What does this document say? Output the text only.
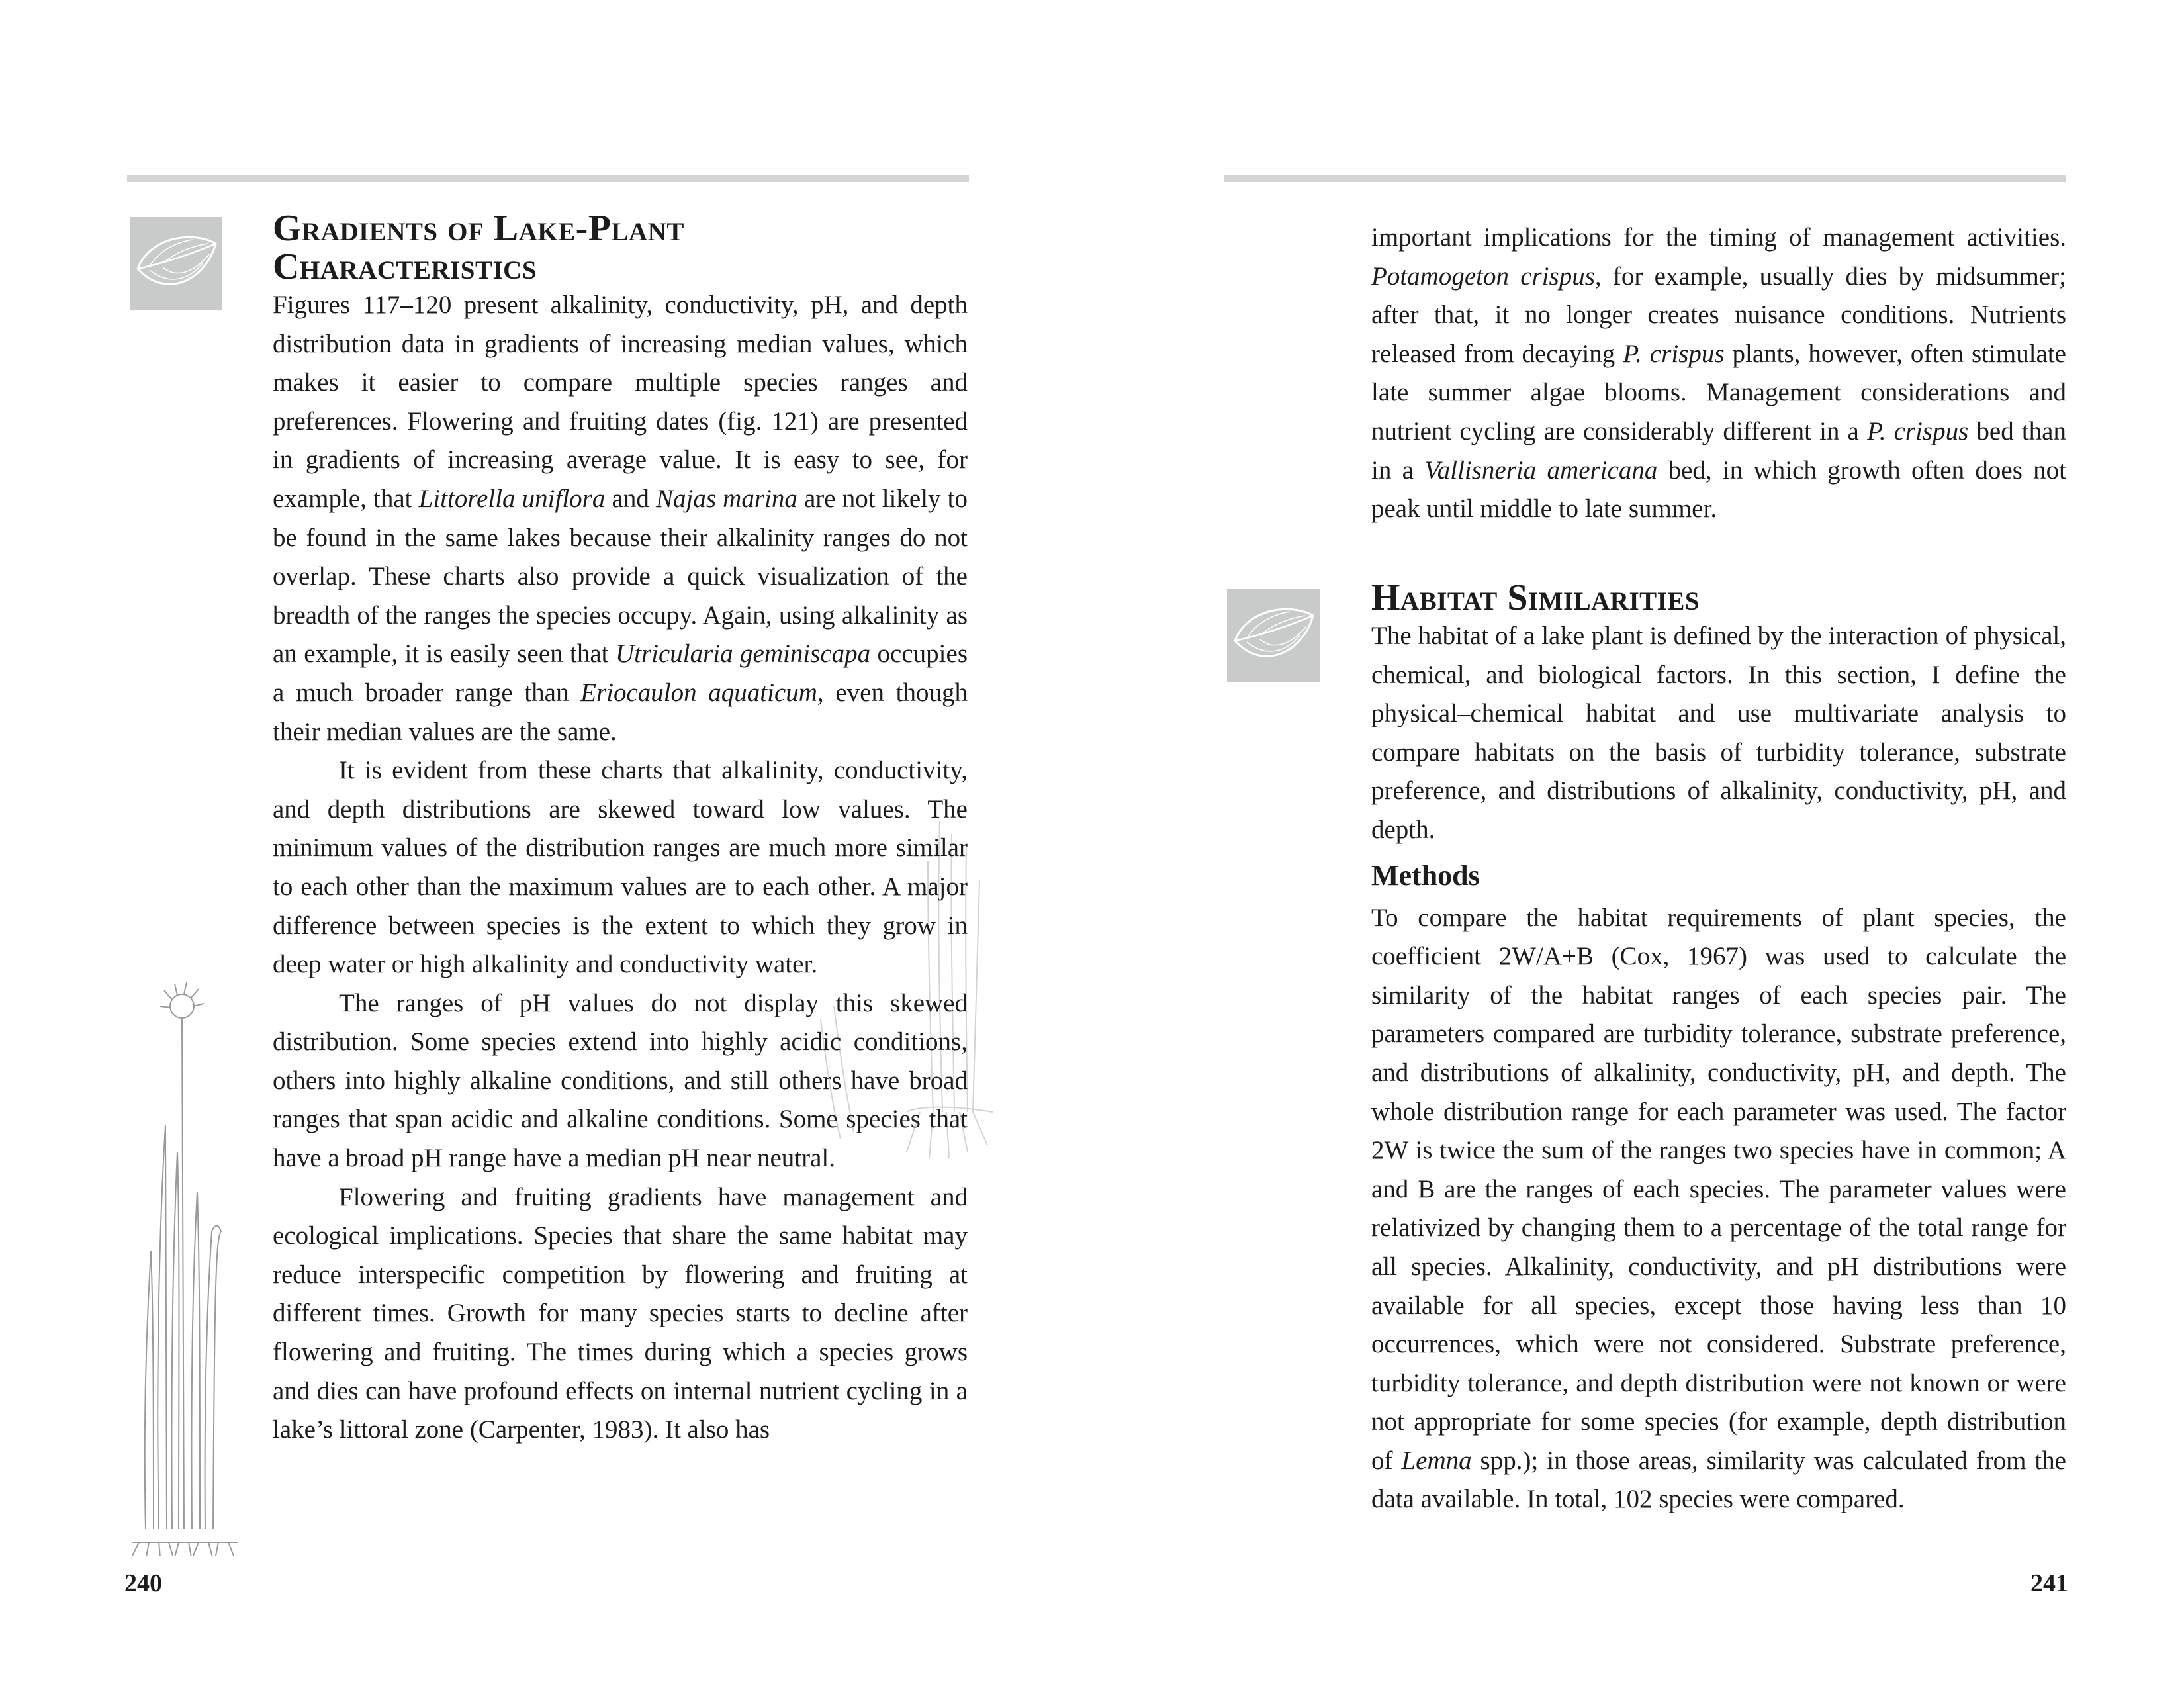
Gradients of Lake-Plant
Characteristics

Figures 117–120 present alkalinity, conductivity, pH, and depth distribution data in gradients of increasing median values, which makes it easier to compare multiple species ranges and preferences. Flowering and fruiting dates (fig. 121) are presented in gradients of increasing average value. It is easy to see, for example, that Littorella uniflora and Najas marina are not likely to be found in the same lakes because their alkalinity ranges do not overlap. These charts also provide a quick visualization of the breadth of the ranges the species occupy. Again, using alkalinity as an example, it is easily seen that Utricularia geminiscapa occupies a much broader range than Eriocaulon aquaticum, even though their median values are the same.

It is evident from these charts that alkalinity, conductivity, and depth distributions are skewed toward low values. The minimum values of the distribution ranges are much more similar to each other than the maximum values are to each other. A major difference between species is the extent to which they grow in deep water or high alkalinity and conductivity water.

The ranges of pH values do not display this skewed distribution. Some species extend into highly acidic conditions, others into highly alkaline conditions, and still others have broad ranges that span acidic and alkaline conditions. Some species that have a broad pH range have a median pH near neutral.

Flowering and fruiting gradients have management and ecological implications. Species that share the same habitat may reduce interspecific competition by flowering and fruiting at different times. Growth for many species starts to decline after flowering and fruiting. The times during which a species grows and dies can have profound effects on internal nutrient cycling in a lake’s littoral zone (Carpenter, 1983). It also has

240

important implications for the timing of management activities. Potamogeton crispus, for example, usually dies by midsummer; after that, it no longer creates nuisance conditions. Nutrients released from decaying P. crispus plants, however, often stimulate late summer algae blooms. Management considerations and nutrient cycling are considerably different in a P. crispus bed than in a Vallisneria americana bed, in which growth often does not peak until middle to late summer.

Habitat Similarities

The habitat of a lake plant is defined by the interaction of physical, chemical, and biological factors. In this section, I define the physical–chemical habitat and use multivariate analysis to compare habitats on the basis of turbidity tolerance, substrate preference, and distributions of alkalinity, conductivity, pH, and depth.

Methods

To compare the habitat requirements of plant species, the coefficient 2W/A+B (Cox, 1967) was used to calculate the similarity of the habitat ranges of each species pair. The parameters compared are turbidity tolerance, substrate preference, and distributions of alkalinity, conductivity, pH, and depth. The whole distribution range for each parameter was used. The factor 2W is twice the sum of the ranges two species have in common; A and B are the ranges of each species. The parameter values were relativized by changing them to a percentage of the total range for all species. Alkalinity, conductivity, and pH distributions were available for all species, except those having less than 10 occurrences, which were not considered. Substrate preference, turbidity tolerance, and depth distribution were not known or were not appropriate for some species (for example, depth distribution of Lemna spp.); in those areas, similarity was calculated from the data available. In total, 102 species were compared.

241
